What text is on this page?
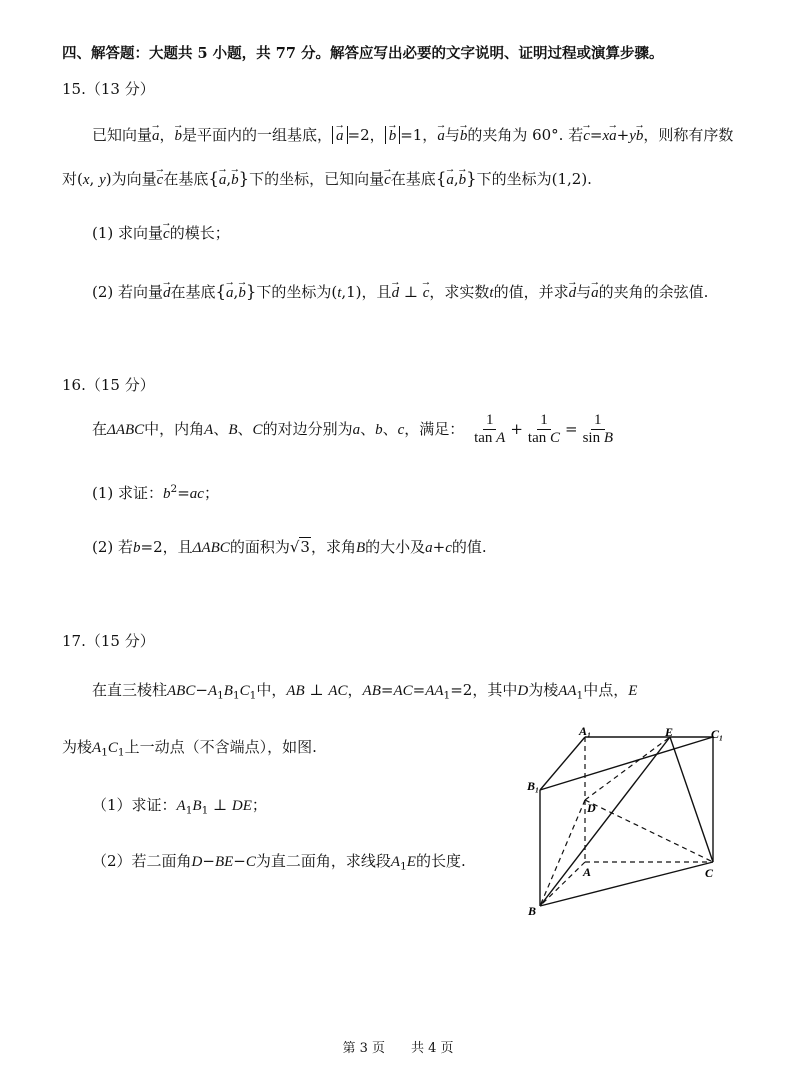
四、解答题：大题共 5 小题，共 77 分。解答应写出必要的文字说明、证明过程或演算步骤。
15.（13 分）
已知向量→ a，→ b是平面内的一组基底， → a =2， → b =1，→ a与→ b的夹角为 60°. 若→ c=x→ a+y→ b，则称有序数
对(x, y)为向量→ c在基底{→ a,→ b}下的坐标，已知向量→ c在基底{→ a,→ b}下的坐标为(1,2).
(1) 求向量→ c的模长；
(2) 若向量→ d在基底{→ a,→ b}下的坐标为(t,1)，且→ d ⊥ → c，求实数t的值，并求→ d与→ a的夹角的余弦值.
16.（15 分）
在ΔABC中，内角A、B、C的对边分别为a、b、c，满足： $\frac{1}{\text{tan A}} + \frac{1}{\text{tan C}} = \frac{1}{\text{sin B}}$
(1) 求证：$b^2=ac$；
(2) 若b=2，且ΔABC的面积为√3，求角B的大小及a+c的值.
17.（15 分）
在直三棱柱$ABC-A_1B_1C_1$中，AB ⊥ AC，$AB=AC=AA_1=2$，其中D为棱$AA_1$中点，E
为棱$A_1C_1$上一动点（不含端点），如图.
（1）求证：$A_1B_1$ ⊥ DE；
（2）若二面角D−BE−C为直二面角，求线段$A_1E$的长度.
A₁	E	C₁
B₁
D
A	C
B
第 3 页　　共 4 页
